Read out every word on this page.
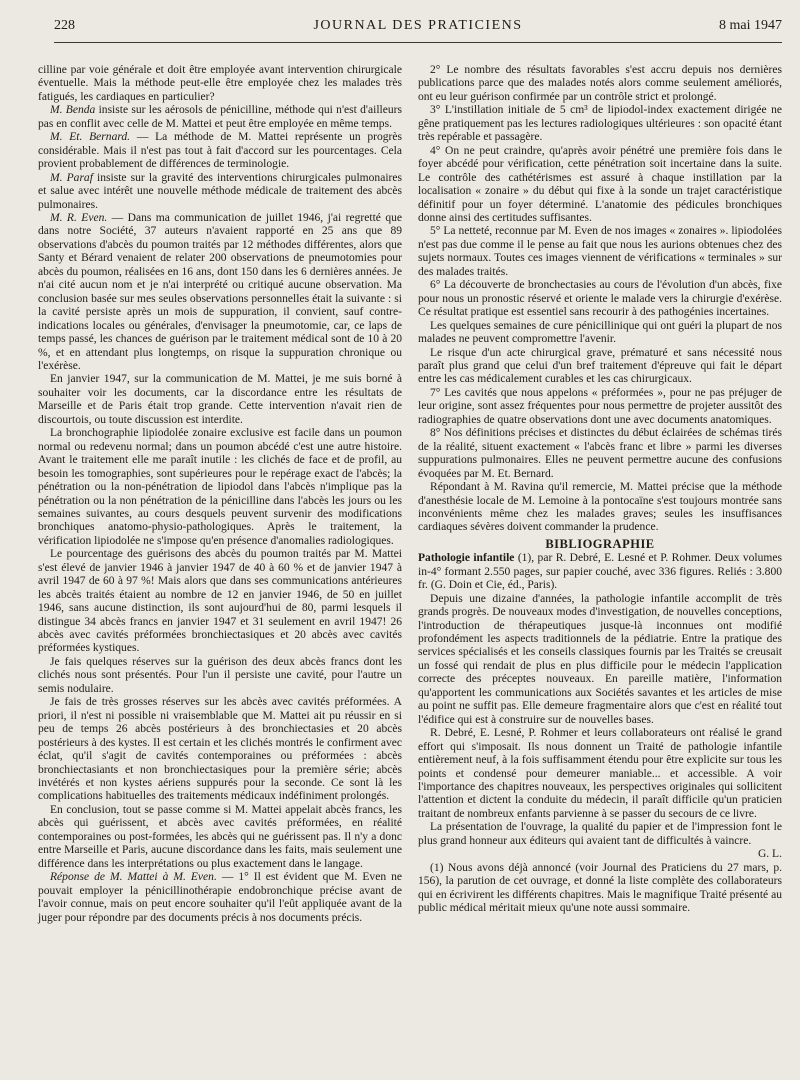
228	JOURNAL DES PRATICIENS	8 mai 1947

cilline par voie générale et doit être employée avant intervention chirurgicale éventuelle. Mais la méthode peut-elle être employée chez les malades très fatigués, les cardiaques en particulier?

M. Benda insiste sur les aérosols de pénicilline, méthode qui n'est d'ailleurs pas en conflit avec celle de M. Mattei et peut être employée en même temps.

M. Et. Bernard. — La méthode de M. Mattei représente un progrès considérable. Mais il n'est pas tout à fait d'accord sur les pourcentages. Cela provient probablement de différences de terminologie.

M. Paraf insiste sur la gravité des interventions chirurgicales pulmonaires et salue avec intérêt une nouvelle méthode médicale de traitement des abcès pulmonaires.

M. R. Even. — Dans ma communication de juillet 1946, j'ai regretté que dans notre Société, 37 auteurs n'avaient rapporté en 25 ans que 89 observations d'abcès du poumon traités par 12 méthodes différentes, alors que Santy et Bérard venaient de relater 200 observations de pneumotomies pour abcès du poumon, réalisées en 16 ans, dont 150 dans les 6 dernières années. Je n'ai cité aucun nom et je n'ai interprété ou critiqué aucune observation. Ma conclusion basée sur mes seules observations personnelles était la suivante : si la cavité persiste après un mois de suppuration, il convient, sauf contre-indications locales ou générales, d'envisager la pneumotomie, car, ce laps de temps passé, les chances de guérison par le traitement médical sont de 10 à 20 %, et en attendant plus longtemps, on risque la suppuration chronique ou l'exérèse.

En janvier 1947, sur la communication de M. Mattei, je me suis borné à souhaiter voir les documents, car la discordance entre les résultats de Marseille et de Paris était trop grande. Cette intervention n'avait rien de discourtois, ou toute discussion est interdite.

La bronchographie lipiodolée zonaire exclusive est facile dans un poumon normal ou redevenu normal; dans un poumon abcédé c'est une autre histoire. Avant le traitement elle me paraît inutile : les clichés de face et de profil, au besoin les tomographies, sont supérieures pour le repérage exact de l'abcès; la pénétration ou la non-pénétration de lipiodol dans l'abcès n'implique pas la pénétration ou la non pénétration de la pénicilline dans l'abcès les jours ou les semaines suivantes, au cours desquels peuvent survenir des modifications bronchiques anatomo-physio-pathologiques. Après le traitement, la vérification lipiodolée ne s'impose qu'en présence d'anomalies radiologiques.

Le pourcentage des guérisons des abcès du poumon traités par M. Mattei s'est élevé de janvier 1946 à janvier 1947 de 40 à 60 % et de janvier 1947 à avril 1947 de 60 à 97 %! Mais alors que dans ses communications antérieures les abcès traités étaient au nombre de 12 en janvier 1946, de 50 en juillet 1946, sans aucune distinction, ils sont aujourd'hui de 80, parmi lesquels il distingue 34 abcès francs en janvier 1947 et 31 seulement en avril 1947! 26 abcès avec cavités préformées bronchiectasiques et 20 abcès avec cavités préformées kystiques.

Je fais quelques réserves sur la guérison des deux abcès francs dont les clichés nous sont présentés. Pour l'un il persiste une cavité, pour l'autre un semis nodulaire.

Je fais de très grosses réserves sur les abcès avec cavités préformées. A priori, il n'est ni possible ni vraisemblable que M. Mattei ait pu réussir en si peu de temps 26 abcès postérieurs à des bronchiectasies et 20 abcès postérieurs à des kystes. Il est certain et les clichés montrés le confirment avec éclat, qu'il s'agit de cavités contemporaines ou préformées : abcès bronchiectasiants et non bronchiectasiques pour la première série; abcès invétérés et non kystes aériens suppurés pour la seconde. Ce sont là les complications habituelles des traitements médicaux indéfiniment prolongés.

En conclusion, tout se passe comme si M. Mattei appelait abcès francs, les abcès qui guérissent, et abcès avec cavités préformées, en réalité contemporaines ou post-formées, les abcès qui ne guérissent pas. Il n'y a donc entre Marseille et Paris, aucune discordance dans les faits, mais seulement une différence dans les interprétations ou plus exactement dans le langage.

Réponse de M. Mattei à M. Even. — 1° Il est évident que M. Even ne pouvait employer la pénicillinothérapie endobronchique précise avant de l'avoir connue, mais on peut encore souhaiter qu'il l'eût appliquée avant de la juger pour répondre par des documents précis à nos documents précis.

2° Le nombre des résultats favorables s'est accru depuis nos dernières publications parce que des malades notés alors comme seulement améliorés, ont eu leur guérison confirmée par un contrôle strict et prolongé.

3° L'instillation initiale de 5 cm³ de lipiodol-index exactement dirigée ne gêne pratiquement pas les lectures radiologiques ultérieures : son opacité étant très repérable et passagère.

4° On ne peut craindre, qu'après avoir pénétré une première fois dans le foyer abcédé pour vérification, cette pénétration soit incertaine dans la suite. Le contrôle des cathétérismes est assuré à chaque instillation par la localisation « zonaire » du début qui fixe à la sonde un trajet caractéristique définitif pour un foyer déterminé. L'anatomie des pédicules bronchiques donne ainsi des certitudes suffisantes.

5° La netteté, reconnue par M. Even de nos images « zonaires ». lipiodolées n'est pas due comme il le pense au fait que nous les aurions obtenues chez des sujets normaux. Toutes ces images viennent de vérifications « terminales » sur des malades traités.

6° La découverte de bronchectasies au cours de l'évolution d'un abcès, fixe pour nous un pronostic réservé et oriente le malade vers la chirurgie d'exérèse. Ce résultat pratique est essentiel sans recourir à des pathogénies incertaines.

Les quelques semaines de cure pénicillinique qui ont guéri la plupart de nos malades ne peuvent compromettre l'avenir.

Le risque d'un acte chirurgical grave, prématuré et sans nécessité nous paraît plus grand que celui d'un bref traitement d'épreuve qui fait le départ entre les cas médicalement curables et les cas chirurgicaux.

7° Les cavités que nous appelons « préformées », pour ne pas préjuger de leur origine, sont assez fréquentes pour nous permettre de projeter aussitôt des radiographies de quatre observations dont une avec documents anatomiques.

8° Nos définitions précises et distinctes du début éclairées de schémas tirés de la réalité, situent exactement « l'abcès franc et libre » parmi les diverses suppurations pulmonaires. Elles ne peuvent permettre aucune des confusions évoquées par M. Et. Bernard.

Répondant à M. Ravina qu'il remercie, M. Mattei précise que la méthode d'anesthésie locale de M. Lemoine à la pontocaïne s'est toujours montrée sans inconvénients même chez les malades graves; seules les insuffisances cardiaques sévères doivent commander la prudence.

BIBLIOGRAPHIE

Pathologie infantile (1), par R. Debré, E. Lesné et P. Rohmer. Deux volumes in-4° formant 2.550 pages, sur papier couché, avec 336 figures. Reliés : 3.800 fr. (G. Doin et Cie, éd., Paris).

Depuis une dizaine d'années, la pathologie infantile accomplit de très grands progrès. De nouveaux modes d'investigation, de nouvelles conceptions, l'introduction de thérapeutiques jusque-là inconnues ont modifié profondément les aspects traditionnels de la pédiatrie. Entre la pratique des services spécialisés et les conseils classiques fournis par les Traités se creusait un fossé qui rendait de plus en plus difficile pour le médecin l'application correcte des préceptes nouveaux. En pareille matière, l'information qu'apportent les communications aux Sociétés savantes et les articles de mise au point ne suffit pas. Elle demeure fragmentaire alors que c'est en réalité tout l'édifice qui est à construire sur de nouvelles bases.

R. Debré, E. Lesné, P. Rohmer et leurs collaborateurs ont réalisé le grand effort qui s'imposait. Ils nous donnent un Traité de pathologie infantile entièrement neuf, à la fois suffisamment étendu pour être explicite sur tous les points et condensé pour demeurer maniable... et accessible. A voir l'importance des chapitres nouveaux, les perspectives originales qui sollicitent l'attention et dictent la conduite du médecin, il paraît difficile qu'un praticien traitant de nombreux enfants parvienne à se passer du secours de ce livre.

La présentation de l'ouvrage, la qualité du papier et de l'impression font le plus grand honneur aux éditeurs qui avaient tant de difficultés à vaincre.

G. L.

(1) Nous avons déjà annoncé (voir Journal des Praticiens du 27 mars, p. 156), la parution de cet ouvrage, et donné la liste complète des collaborateurs qui en écrivirent les différents chapitres. Mais le magnifique Traité présenté au public médical méritait mieux qu'une note aussi sommaire.
